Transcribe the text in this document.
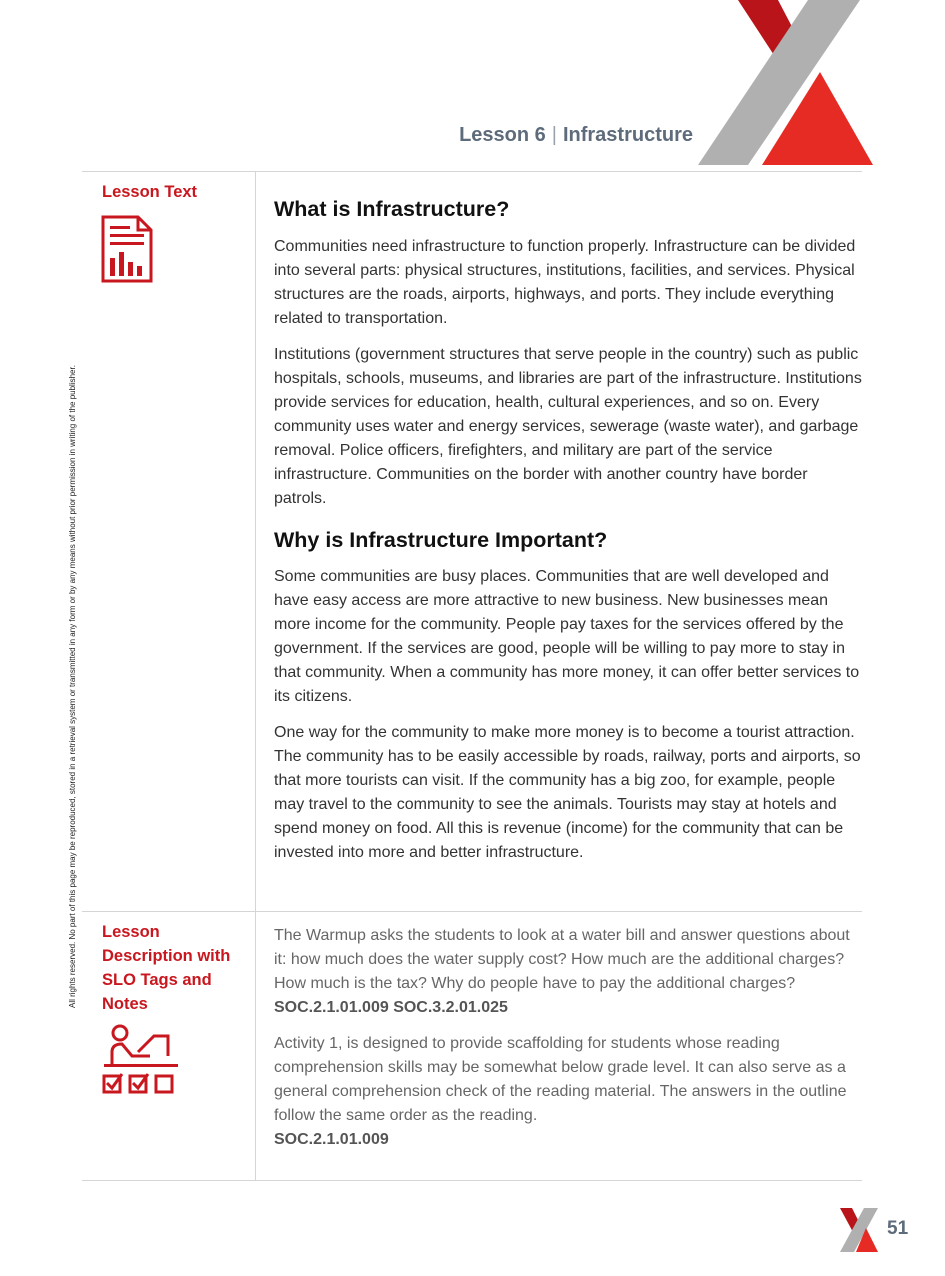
Lesson 6 | Infrastructure
Lesson Text
What is Infrastructure?

Communities need infrastructure to function properly. Infrastructure can be divided into several parts: physical structures, institutions, facilities, and services. Physical structures are the roads, airports, highways, and ports. They include everything related to transportation.

Institutions (government structures that serve people in the country) such as public hospitals, schools, museums, and libraries are part of the infrastructure. Institutions provide services for education, health, cultural experiences, and so on. Every community uses water and energy services, sewerage (waste water), and garbage removal. Police officers, firefighters, and military are part of the service infrastructure. Communities on the border with another country have border patrols.

Why is Infrastructure Important?

Some communities are busy places. Communities that are well developed and have easy access are more attractive to new business. New businesses mean more income for the community. People pay taxes for the services offered by the government. If the services are good, people will be willing to pay more to stay in that community. When a community has more money, it can offer better services to its citizens.

One way for the community to make more money is to become a tourist attraction. The community has to be easily accessible by roads, railway, ports and airports, so that more tourists can visit. If the community has a big zoo, for example, people may travel to the community to see the animals. Tourists may stay at hotels and spend money on food. All this is revenue (income) for the community that can be invested into more and better infrastructure.

Lesson Description with SLO Tags and Notes

The Warmup asks the students to look at a water bill and answer questions about it: how much does the water supply cost? How much are the additional charges? How much is the tax? Why do people have to pay the additional charges?

SOC.2.1.01.009 SOC.3.2.01.025

Activity 1, is designed to provide scaffolding for students whose reading comprehension skills may be somewhat below grade level. It can also serve as a general comprehension check of the reading material. The answers in the outline follow the same order as the reading.

SOC.2.1.01.009
All rights reserved. No part of this page may be reproduced, stored in a retrieval system or transmitted in any form or by any means without prior permission in writing of the publisher.
51
